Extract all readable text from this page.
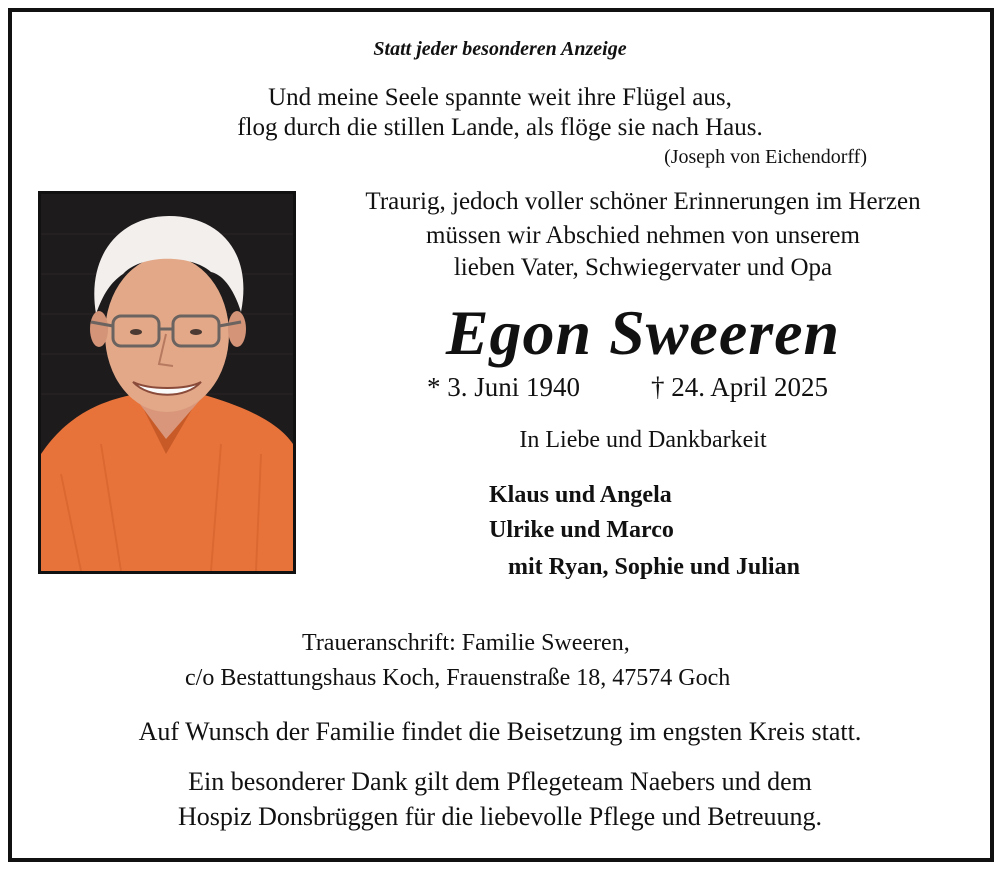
Statt jeder besonderen Anzeige
Und meine Seele spannte weit ihre Flügel aus,
flog durch die stillen Lande, als flöge sie nach Haus.
(Joseph von Eichendorff)
Traurig, jedoch voller schöner Erinnerungen im Herzen
müssen wir Abschied nehmen von unserem
lieben Vater, Schwiegervater und Opa
Egon Sweeren
* 3. Juni 1940	† 24. April 2025
In Liebe und Dankbarkeit
Klaus und Angela
Ulrike und Marco
mit Ryan, Sophie und Julian
Traueranschrift: Familie Sweeren,
c/o Bestattungshaus Koch, Frauenstraße 18, 47574 Goch
Auf Wunsch der Familie findet die Beisetzung im engsten Kreis statt.
Ein besonderer Dank gilt dem Pflegeteam Naebers und dem
Hospiz Donsbrüggen für die liebevolle Pflege und Betreuung.
